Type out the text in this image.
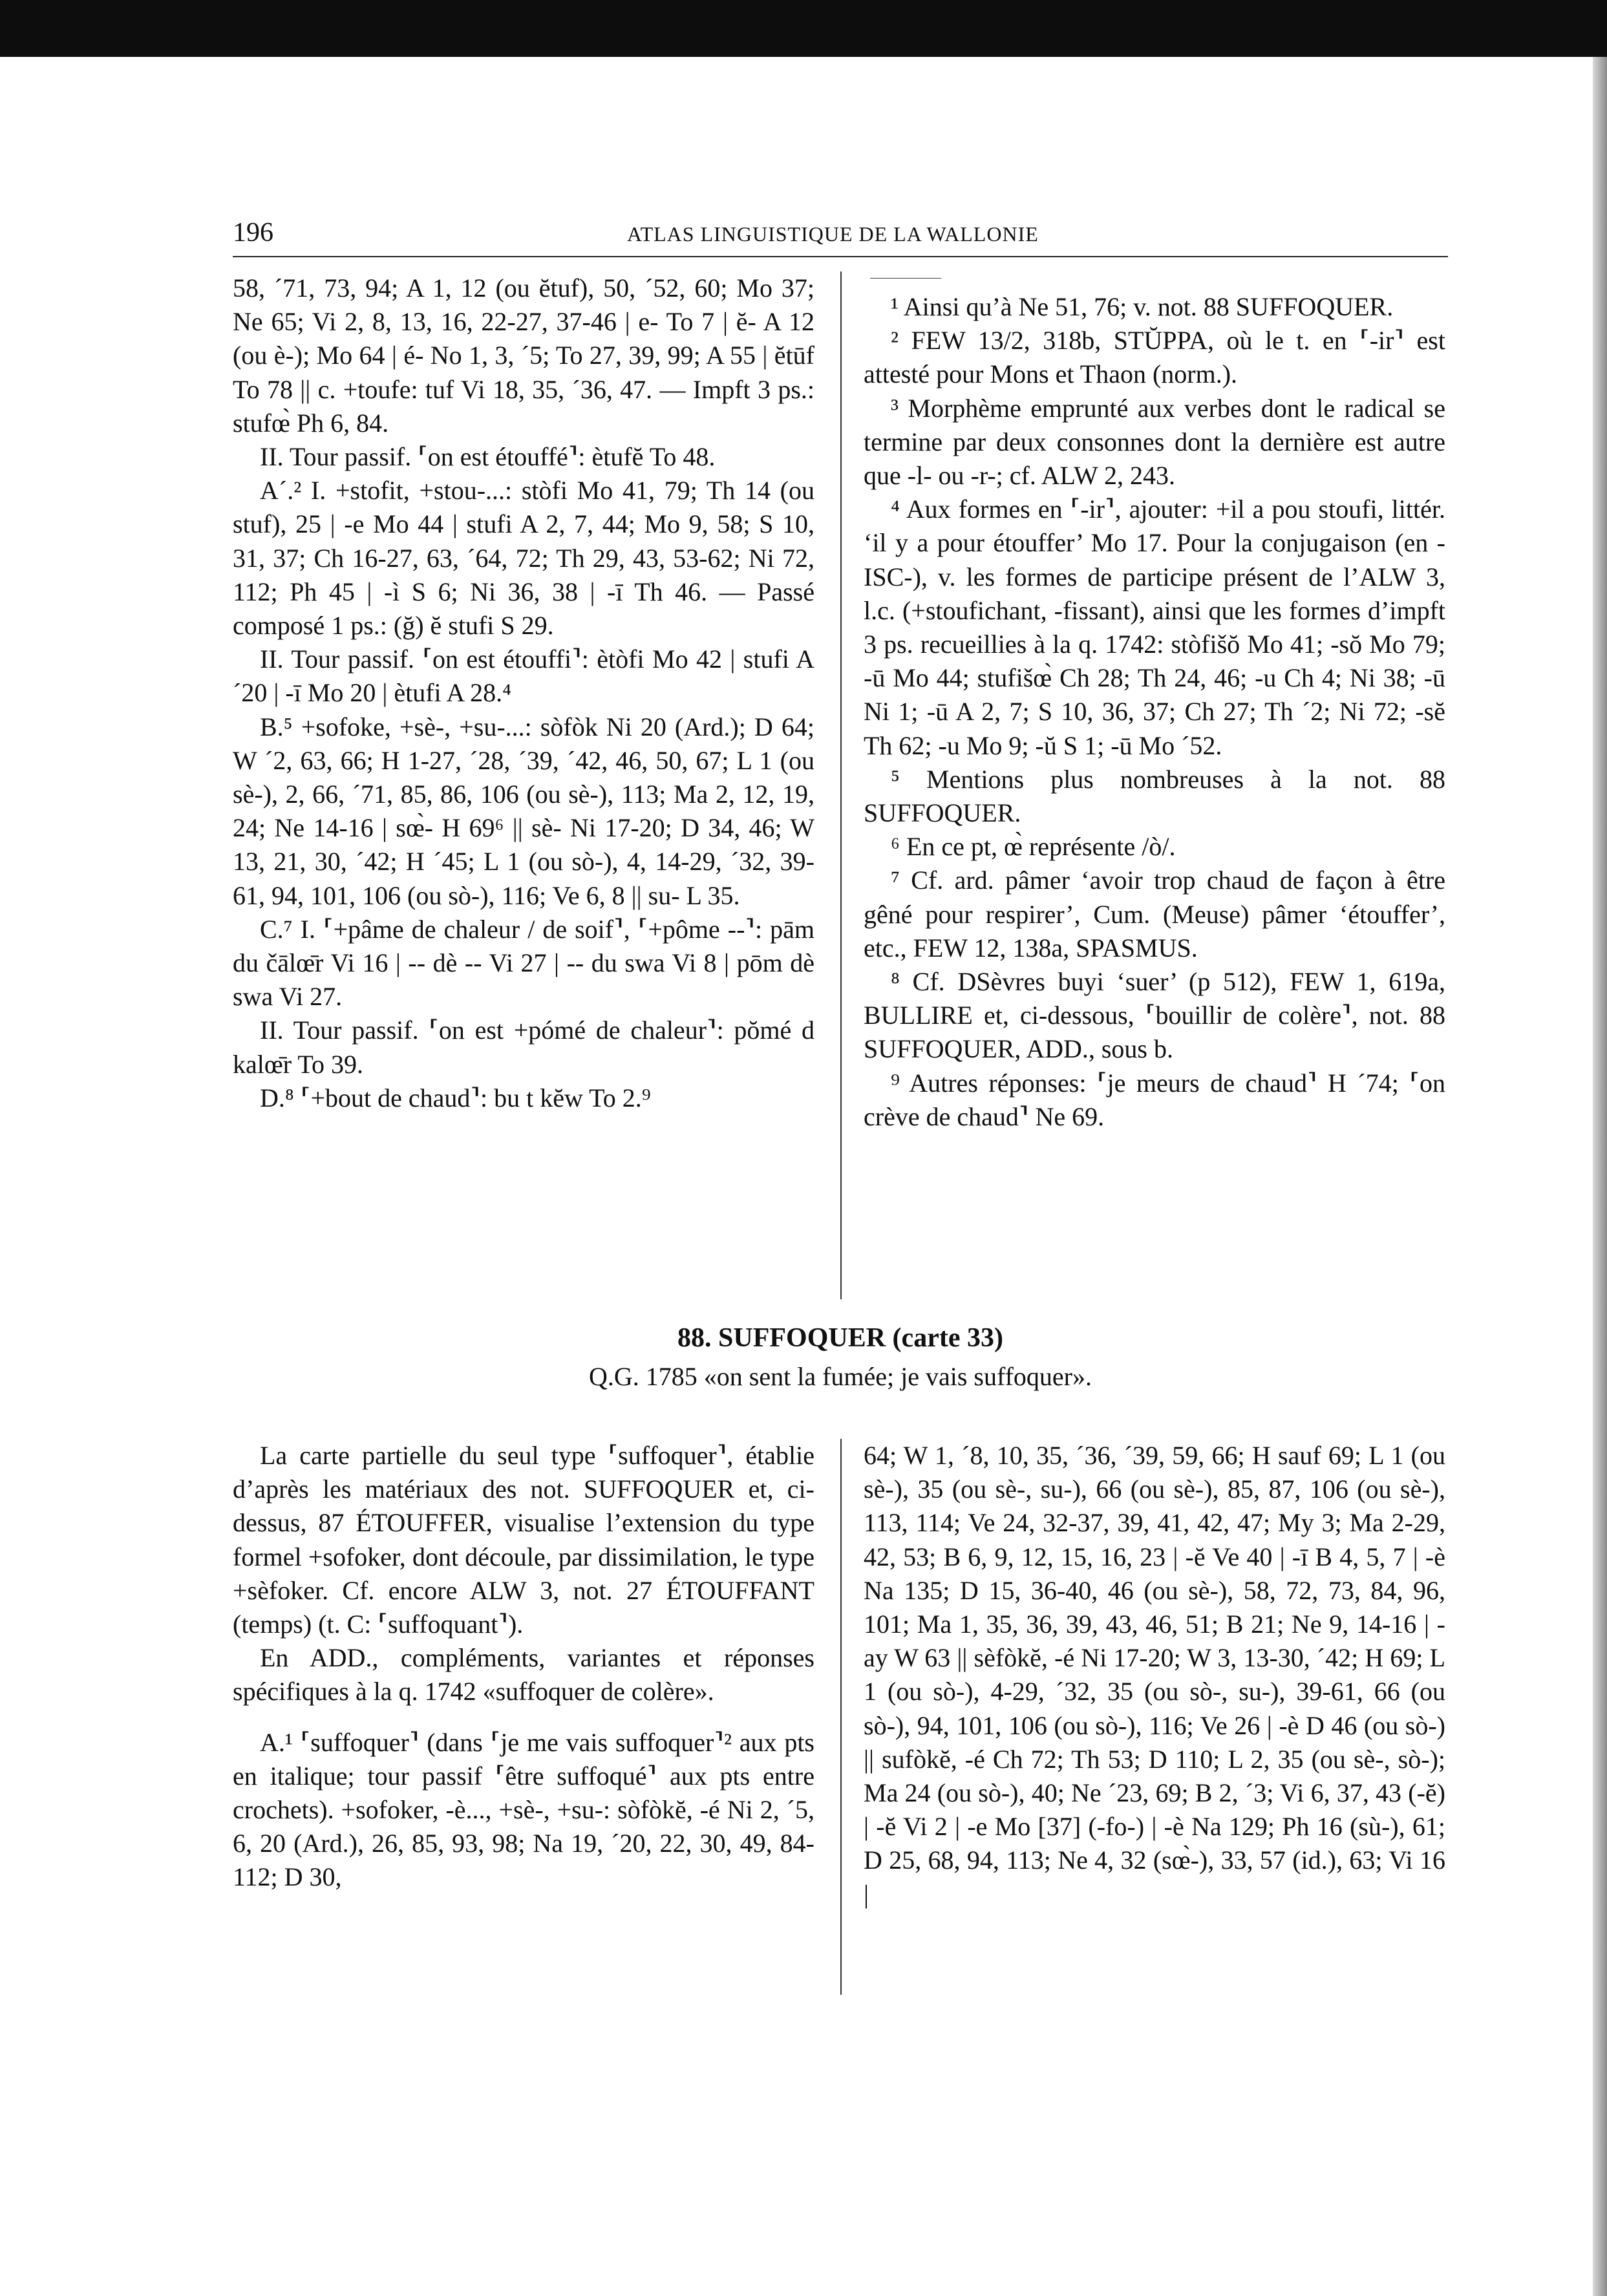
196	ATLAS LINGUISTIQUE DE LA WALLONIE

58, ´71, 73, 94; A 1, 12 (ou ĕtuf), 50, ´52, 60; Mo 37; Ne 65; Vi 2, 8, 13, 16, 22-27, 37-46 | e- To 7 | ĕ- A 12 (ou è-); Mo 64 | é- No 1, 3, ´5; To 27, 39, 99; A 55 | ĕtūf To 78 || c. +toufe: tuf Vi 18, 35, ´36, 47. — Impft 3 ps.: stufœ̀ Ph 6, 84.

II. Tour passif. ⸢on est étouffé⸣: ètufĕ To 48.

A´.² I. +stofit, +stou-...: stòfi Mo 41, 79; Th 14 (ou stuf), 25 | -e Mo 44 | stufi A 2, 7, 44; Mo 9, 58; S 10, 31, 37; Ch 16-27, 63, ´64, 72; Th 29, 43, 53-62; Ni 72, 112; Ph 45 | -ì S 6; Ni 36, 38 | -ī Th 46. — Passé composé 1 ps.: (ğ) ĕ stufi S 29.

II. Tour passif. ⸢on est étouffi⸣: ètòfi Mo 42 | stufi A ´20 | -ī Mo 20 | ètufi A 28.⁴

B.⁵ +sofoke, +sè-, +su-...: sòfòk Ni 20 (Ard.); D 64; W ´2, 63, 66; H 1-27, ´28, ´39, ´42, 46, 50, 67; L 1 (ou sè-), 2, 66, ´71, 85, 86, 106 (ou sè-), 113; Ma 2, 12, 19, 24; Ne 14-16 | sœ̀- H 69⁶ || sè- Ni 17-20; D 34, 46; W 13, 21, 30, ´42; H ´45; L 1 (ou sò-), 4, 14-29, ´32, 39-61, 94, 101, 106 (ou sò-), 116; Ve 6, 8 || su- L 35.

C.⁷ I. ⸢+pâme de chaleur / de soif⸣, ⸢+pôme --⸣: pām du čālœ̄r Vi 16 | -- dè -- Vi 27 | -- du swa Vi 8 | pōm dè swa Vi 27.

II. Tour passif. ⸢on est +pómé de chaleur⸣: pŏmé d kalœ̄r To 39.

D.⁸ ⸢+bout de chaud⸣: bu t kĕw To 2.⁹

¹ Ainsi qu’à Ne 51, 76; v. not. 88 SUFFOQUER.

² FEW 13/2, 318b, STŬPPA, où le t. en ⸢-ir⸣ est attesté pour Mons et Thaon (norm.).

³ Morphème emprunté aux verbes dont le radical se termine par deux consonnes dont la dernière est autre que -l- ou -r-; cf. ALW 2, 243.

⁴ Aux formes en ⸢-ir⸣, ajouter: +il a pou stoufi, littér. ‘il y a pour étouffer’ Mo 17. Pour la conjugaison (en -ISC-), v. les formes de participe présent de l’ALW 3, l.c. (+stoufichant, -fissant), ainsi que les formes d’impft 3 ps. recueillies à la q. 1742: stòfišŏ Mo 41; -sŏ Mo 79; -ū Mo 44; stufišœ̀ Ch 28; Th 24, 46; -u Ch 4; Ni 38; -ū Ni 1; -ū A 2, 7; S 10, 36, 37; Ch 27; Th ´2; Ni 72; -sĕ Th 62; -u Mo 9; -ŭ S 1; -ū Mo ´52.

⁵ Mentions plus nombreuses à la not. 88 SUFFOQUER.

⁶ En ce pt, œ̀ représente /ò/.

⁷ Cf. ard. pâmer ‘avoir trop chaud de façon à être gêné pour respirer’, Cum. (Meuse) pâmer ‘étouffer’, etc., FEW 12, 138a, SPASMUS.

⁸ Cf. DSèvres buyi ‘suer’ (p 512), FEW 1, 619a, BULLIRE et, ci-dessous, ⸢bouillir de colère⸣, not. 88 SUFFOQUER, ADD., sous b.

⁹ Autres réponses: ⸢je meurs de chaud⸣ H ´74; ⸢on crève de chaud⸣ Ne 69.

88. SUFFOQUER (carte 33)
Q.G. 1785 «on sent la fumée; je vais suffoquer».

La carte partielle du seul type ⸢suffoquer⸣, établie d’après les matériaux des not. SUFFOQUER et, ci-dessus, 87 ÉTOUFFER, visualise l’extension du type formel +sofoker, dont découle, par dissimilation, le type +sèfoker. Cf. encore ALW 3, not. 27 ÉTOUFFANT (temps) (t. C: ⸢suffoquant⸣).

En ADD., compléments, variantes et réponses spécifiques à la q. 1742 «suffoquer de colère».

A.¹ ⸢suffoquer⸣ (dans ⸢je me vais suffoquer⸣² aux pts en italique; tour passif ⸢être suffoqué⸣ aux pts entre crochets). +sofoker, -è..., +sè-, +su-: sòfòkĕ, -é Ni 2, ´5, 6, 20 (Ard.), 26, 85, 93, 98; Na 19, ´20, 22, 30, 49, 84-112; D 30,

64; W 1, ´8, 10, 35, ´36, ´39, 59, 66; H sauf 69; L 1 (ou sè-), 35 (ou sè-, su-), 66 (ou sè-), 85, 87, 106 (ou sè-), 113, 114; Ve 24, 32-37, 39, 41, 42, 47; My 3; Ma 2-29, 42, 53; B 6, 9, 12, 15, 16, 23 | -ĕ Ve 40 | -ī B 4, 5, 7 | -è Na 135; D 15, 36-40, 46 (ou sè-), 58, 72, 73, 84, 96, 101; Ma 1, 35, 36, 39, 43, 46, 51; B 21; Ne 9, 14-16 | -ay W 63 || sèfòkĕ, -é Ni 17-20; W 3, 13-30, ´42; H 69; L 1 (ou sò-), 4-29, ´32, 35 (ou sò-, su-), 39-61, 66 (ou sò-), 94, 101, 106 (ou sò-), 116; Ve 26 | -è D 46 (ou sò-) || sufòkĕ, -é Ch 72; Th 53; D 110; L 2, 35 (ou sè-, sò-); Ma 24 (ou sò-), 40; Ne ´23, 69; B 2, ´3; Vi 6, 37, 43 (-ĕ) | -ĕ Vi 2 | -e Mo [37] (-fo-) | -è Na 129; Ph 16 (sù-), 61; D 25, 68, 94, 113; Ne 4, 32 (sœ̀-), 33, 57 (id.), 63; Vi 16 |
